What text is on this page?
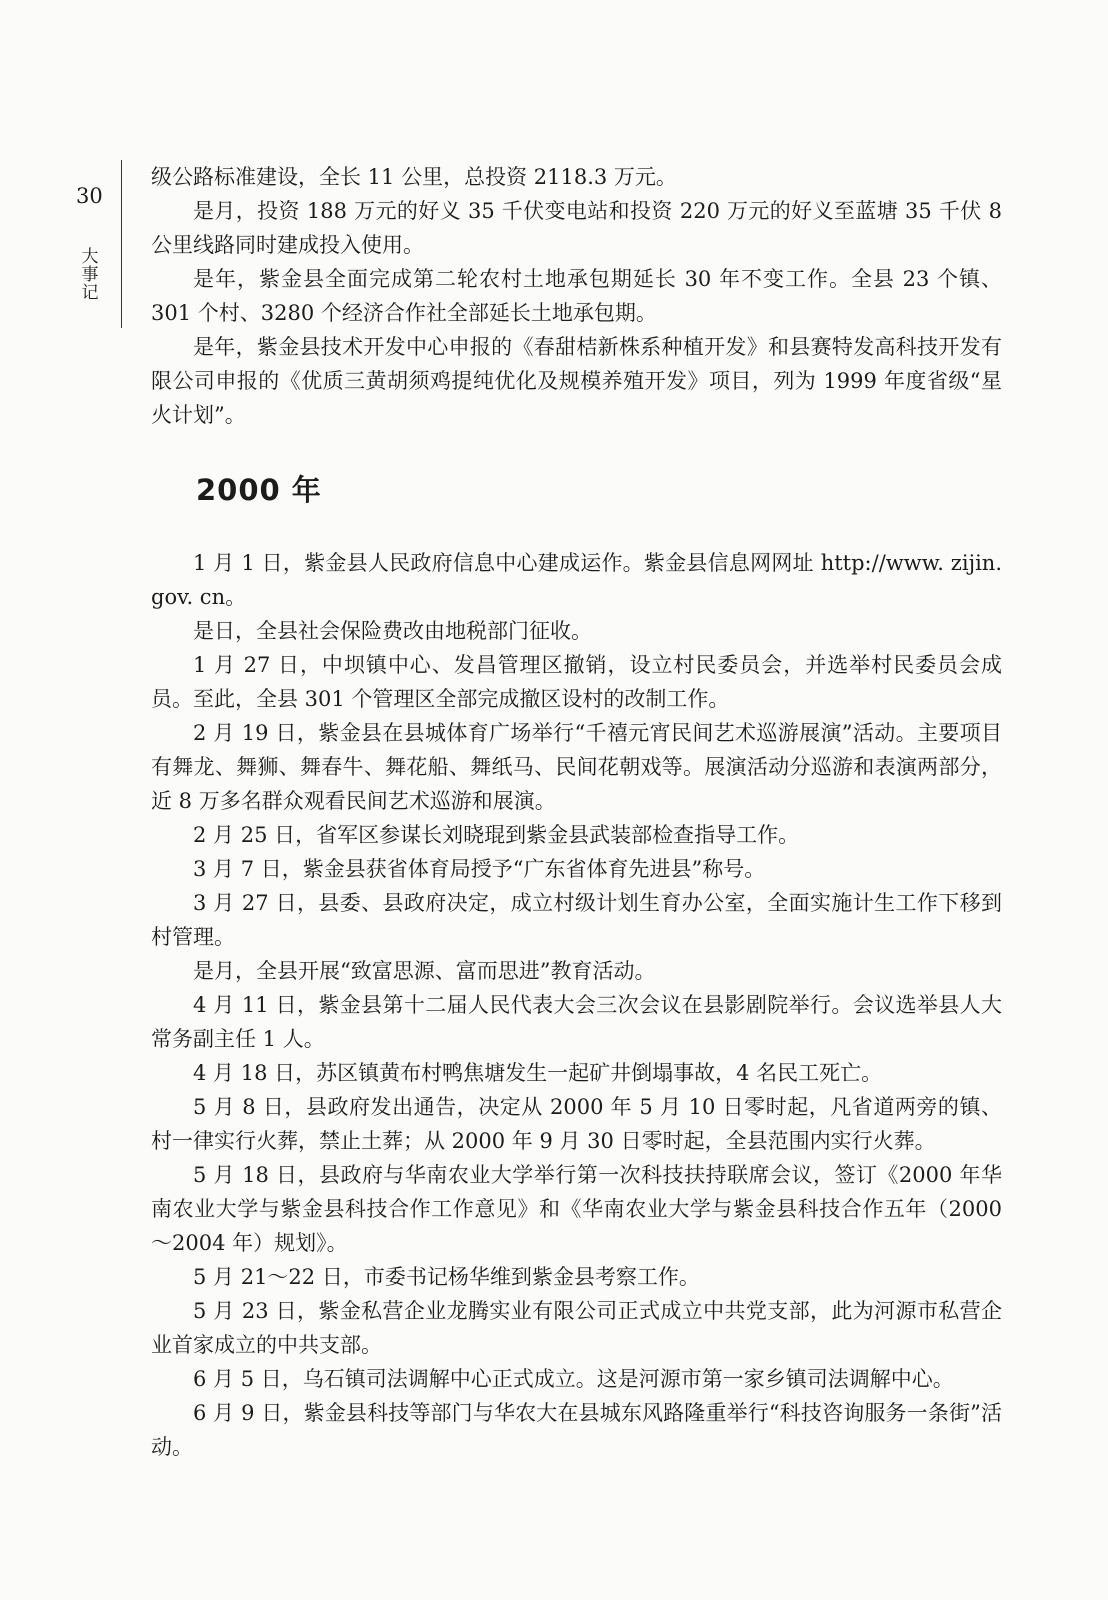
30
大
事
记

级公路标准建设，全长 11 公里，总投资 2118.3 万元。

是月，投资 188 万元的好义 35 千伏变电站和投资 220 万元的好义至蓝塘 35 千伏 8 公里线路同时建成投入使用。

是年，紫金县全面完成第二轮农村土地承包期延长 30 年不变工作。全县 23 个镇、301 个村、3280 个经济合作社全部延长土地承包期。

是年，紫金县技术开发中心申报的《春甜桔新株系种植开发》和县赛特发高科技开发有限公司申报的《优质三黄胡须鸡提纯优化及规模养殖开发》项目，列为 1999 年度省级“星火计划”。

2000 年

1 月 1 日，紫金县人民政府信息中心建成运作。紫金县信息网网址 http://www. zijin. gov. cn。

是日，全县社会保险费改由地税部门征收。

1 月 27 日，中坝镇中心、发昌管理区撤销，设立村民委员会，并选举村民委员会成员。至此，全县 301 个管理区全部完成撤区设村的改制工作。

2 月 19 日，紫金县在县城体育广场举行“千禧元宵民间艺术巡游展演”活动。主要项目有舞龙、舞狮、舞春牛、舞花船、舞纸马、民间花朝戏等。展演活动分巡游和表演两部分，近 8 万多名群众观看民间艺术巡游和展演。

2 月 25 日，省军区参谋长刘晓琨到紫金县武装部检查指导工作。

3 月 7 日，紫金县获省体育局授予“广东省体育先进县”称号。

3 月 27 日，县委、县政府决定，成立村级计划生育办公室，全面实施计生工作下移到村管理。

是月，全县开展“致富思源、富而思进”教育活动。

4 月 11 日，紫金县第十二届人民代表大会三次会议在县影剧院举行。会议选举县人大常务副主任 1 人。

4 月 18 日，苏区镇黄布村鸭焦塘发生一起矿井倒塌事故，4 名民工死亡。

5 月 8 日，县政府发出通告，决定从 2000 年 5 月 10 日零时起，凡省道两旁的镇、村一律实行火葬，禁止土葬；从 2000 年 9 月 30 日零时起，全县范围内实行火葬。

5 月 18 日，县政府与华南农业大学举行第一次科技扶持联席会议，签订《2000 年华南农业大学与紫金县科技合作工作意见》和《华南农业大学与紫金县科技合作五年（2000～2004 年）规划》。

5 月 21～22 日，市委书记杨华维到紫金县考察工作。

5 月 23 日，紫金私营企业龙腾实业有限公司正式成立中共党支部，此为河源市私营企业首家成立的中共支部。

6 月 5 日，乌石镇司法调解中心正式成立。这是河源市第一家乡镇司法调解中心。

6 月 9 日，紫金县科技等部门与华农大在县城东风路隆重举行“科技咨询服务一条街”活动。
